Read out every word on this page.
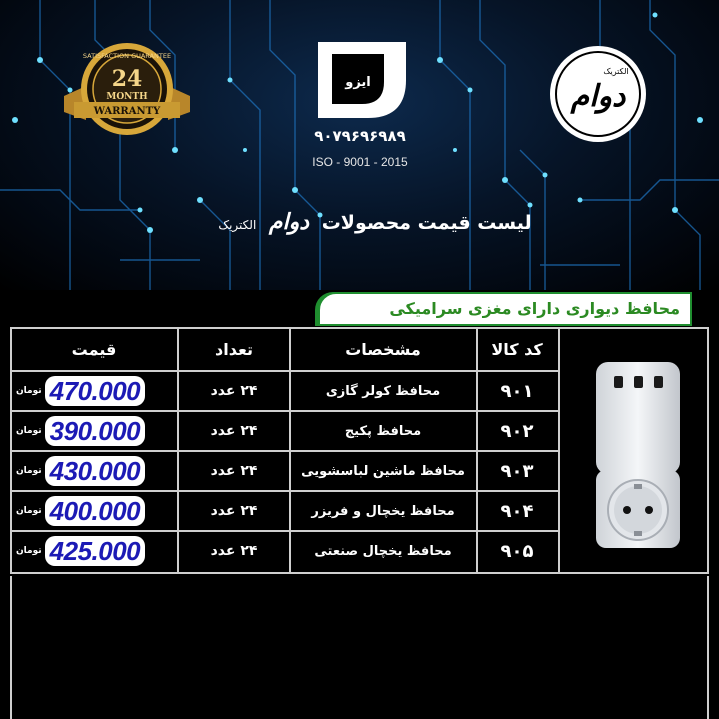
SATISFACTION GUARANTEE
24
MONTH
WARRANTY
ایزو
۹۰۷۹۶۹۶۹۸۹
ISO - 9001 - 2015
دوام
الکتریک
لیست قیمت محصولات دوام الکتریک
محافظ دیواری دارای مغزی سرامیکی
کد کالا
مشخصات
تعداد
قیمت
۹۰۱
محافظ کولر گازی
۲۴ عدد
تومان 470.000
۹۰۲
محافظ پکیج
۲۴ عدد
تومان 390.000
۹۰۳
محافظ ماشین لباسشویی
۲۴ عدد
تومان 430.000
۹۰۴
محافظ یخچال و فریزر
۲۴ عدد
تومان 400.000
۹۰۵
محافظ یخچال صنعتی
۲۴ عدد
تومان 425.000
